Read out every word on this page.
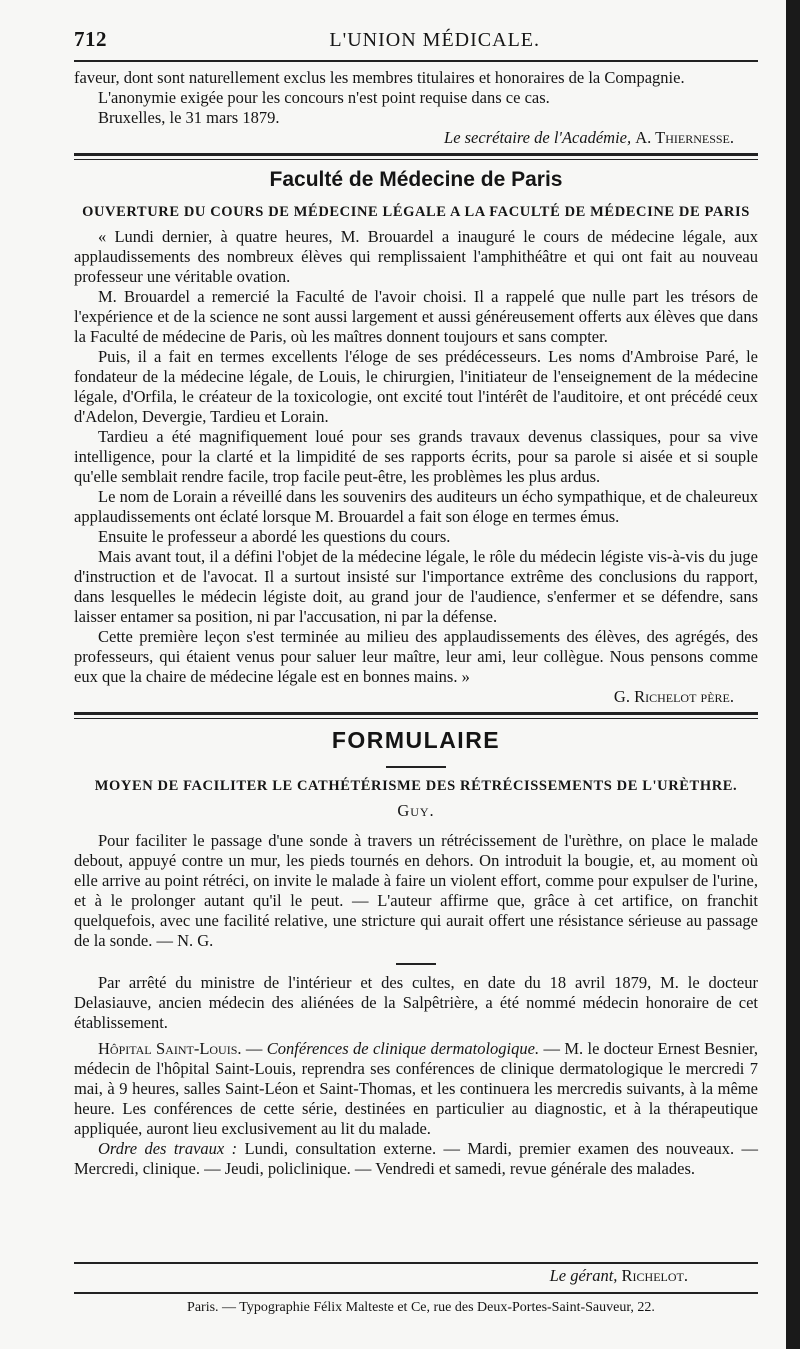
712	L'UNION MÉDICALE.

faveur, dont sont naturellement exclus les membres titulaires et honoraires de la Compagnie.

L'anonymie exigée pour les concours n'est point requise dans ce cas.

Bruxelles, le 31 mars 1879.

Le secrétaire de l'Académie, A. Thiernesse.

Faculté de Médecine de Paris
OUVERTURE DU COURS DE MÉDECINE LÉGALE A LA FACULTÉ DE MÉDECINE DE PARIS

« Lundi dernier, à quatre heures, M. Brouardel a inauguré le cours de médecine légale, aux applaudissements des nombreux élèves qui remplissaient l'amphithéâtre et qui ont fait au nouveau professeur une véritable ovation.

M. Brouardel a remercié la Faculté de l'avoir choisi. Il a rappelé que nulle part les trésors de l'expérience et de la science ne sont aussi largement et aussi généreusement offerts aux élèves que dans la Faculté de médecine de Paris, où les maîtres donnent toujours et sans compter.

Puis, il a fait en termes excellents l'éloge de ses prédécesseurs. Les noms d'Ambroise Paré, le fondateur de la médecine légale, de Louis, le chirurgien, l'initiateur de l'enseignement de la médecine légale, d'Orfila, le créateur de la toxicologie, ont excité tout l'intérêt de l'auditoire, et ont précédé ceux d'Adelon, Devergie, Tardieu et Lorain.

Tardieu a été magnifiquement loué pour ses grands travaux devenus classiques, pour sa vive intelligence, pour la clarté et la limpidité de ses rapports écrits, pour sa parole si aisée et si souple qu'elle semblait rendre facile, trop facile peut-être, les problèmes les plus ardus.

Le nom de Lorain a réveillé dans les souvenirs des auditeurs un écho sympathique, et de chaleureux applaudissements ont éclaté lorsque M. Brouardel a fait son éloge en termes émus.

Ensuite le professeur a abordé les questions du cours.

Mais avant tout, il a défini l'objet de la médecine légale, le rôle du médecin légiste vis-à-vis du juge d'instruction et de l'avocat. Il a surtout insisté sur l'importance extrême des conclusions du rapport, dans lesquelles le médecin légiste doit, au grand jour de l'audience, s'enfermer et se défendre, sans laisser entamer sa position, ni par l'accusation, ni par la défense.

Cette première leçon s'est terminée au milieu des applaudissements des élèves, des agrégés, des professeurs, qui étaient venus pour saluer leur maître, leur ami, leur collègue. Nous pensons comme eux que la chaire de médecine légale est en bonnes mains. »

G. Richelot père.

FORMULAIRE
MOYEN DE FACILITER LE CATHÉTÉRISME DES RÉTRÉCISSEMENTS DE L'URÈTHRE.
Guy.

Pour faciliter le passage d'une sonde à travers un rétrécissement de l'urèthre, on place le malade debout, appuyé contre un mur, les pieds tournés en dehors. On introduit la bougie, et, au moment où elle arrive au point rétréci, on invite le malade à faire un violent effort, comme pour expulser de l'urine, et à le prolonger autant qu'il le peut. — L'auteur affirme que, grâce à cet artifice, on franchit quelquefois, avec une facilité relative, une stricture qui aurait offert une résistance sérieuse au passage de la sonde. — N. G.

Par arrêté du ministre de l'intérieur et des cultes, en date du 18 avril 1879, M. le docteur Delasiauve, ancien médecin des aliénées de la Salpêtrière, a été nommé médecin honoraire de cet établissement.

Hôpital Saint-Louis. — Conférences de clinique dermatologique. — M. le docteur Ernest Besnier, médecin de l'hôpital Saint-Louis, reprendra ses conférences de clinique dermatologique le mercredi 7 mai, à 9 heures, salles Saint-Léon et Saint-Thomas, et les continuera les mercredis suivants, à la même heure. Les conférences de cette série, destinées en particulier au diagnostic, et à la thérapeutique appliquée, auront lieu exclusivement au lit du malade.

Ordre des travaux : Lundi, consultation externe. — Mardi, premier examen des nouveaux. — Mercredi, clinique. — Jeudi, policlinique. — Vendredi et samedi, revue générale des malades.

Le gérant, Richelot.

Paris. — Typographie Félix Malteste et Ce, rue des Deux-Portes-Saint-Sauveur, 22.
